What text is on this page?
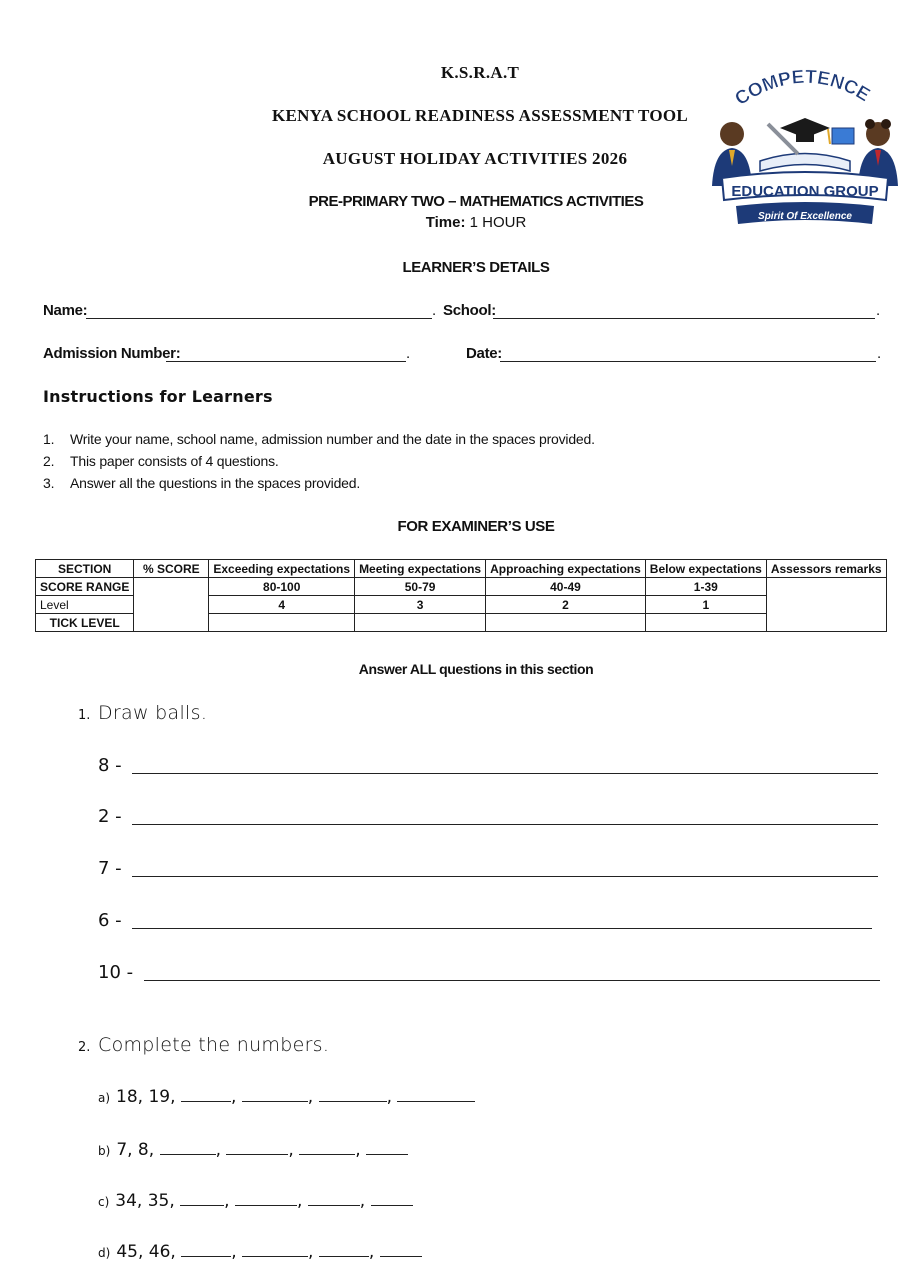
K.S.R.A.T
KENYA SCHOOL READINESS ASSESSMENT TOOL
AUGUST HOLIDAY ACTIVITIES 2026
PRE-PRIMARY TWO – MATHEMATICS ACTIVITIES
Time: 1 HOUR
COMPETENCE
EDUCATION GROUP
Spirit Of Excellence
LEARNER’S DETAILS
Name:	. School:	.
Admission Number:	.	Date:	.
Instructions for Learners
1. Write your name, school name, admission number and the date in the spaces provided.
2. This paper consists of 4 questions.
3. Answer all the questions in the spaces provided.
FOR EXAMINER’S USE
SECTION	% SCORE	Exceeding expectations	Meeting expectations	Approaching expectations	Below expectations	Assessors remarks
SCORE RANGE		80-100	50-79	40-49	1-39	
Level		4	3	2	1	
TICK LEVEL						
Answer ALL questions in this section
1. Draw balls.
8 -
2 -
7 -
6 -
10 -
2. Complete the numbers.
a) 18, 19,	,	,	,
b) 7, 8,	,	,	,
c) 34, 35,	,	,	,
d) 45, 46,	,	,	,
